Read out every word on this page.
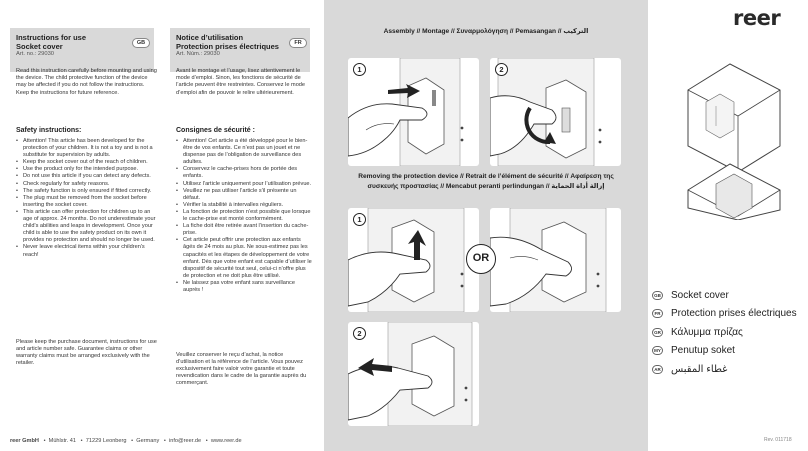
Instructions for use
Socket cover
Art. no.: 29030
GB
Read this instruction carefully before mounting and using the device. The child protective function of the device may be affected if you do not follow the instructions. Keep the instructions for future reference.
Safety instructions:
• Attention! This article has been developed for the protection of your children. It is not a toy and is not a substitute for supervision by adults.
• Keep the socket cover out of the reach of children.
• Use the product only for the intended purpose.
• Do not use this article if you can detect any defects.
• Check regularly for safety reasons.
• The safety function is only ensured if fitted correctly.
• The plug must be removed from the socket before inserting the socket cover.
• This article can offer protection for children up to an age of approx. 24 months. Do not underestimate your child's abilities and leaps in development. Once your child is able to use the safety product on its own it provides no protection and should no longer be used.
• Never leave electrical items within your children's reach!
Please keep the purchase document, instructions for use and article number safe. Guarantee claims or other warranty claims must be arranged exclusively with the retailer.
Notice d’utilisation
Protection prises électriques
Art. Núm.: 29030
FR
Avant le montage et l’usage, lisez attentivement le mode d’emploi. Sinon, les fonctions de sécurité de l’article peuvent être restreintes. Conservez le mode d’emploi afin de pouvoir le relire ultérieurement.
Consignes de sécurité :
• Attention! Cet article a été développé pour le bien-être de vos enfants. Ce n’est pas un jouet et ne dispense pas de l’obligation de surveillance des adultes.
• Conservez le cache-prises hors de portée des enfants.
• Utilisez l’article uniquement pour l’utilisation prévue.
• Veuillez ne pas utiliser l’article s’il présente un défaut.
• Vérifier la stabilité à intervalles réguliers.
• La fonction de protection n’est possible que lorsque le cache-prise est monté conformément.
• La fiche doit être retirée avant l’insertion du cache-prise.
• Cet article peut offrir une protection aux enfants âgés de 24 mois au plus. Ne sous-estimez pas les capacités et les étapes de développement de votre enfant. Dès que votre enfant est capable d’utiliser le dispositif de sécurité tout seul, celui-ci n’offre plus de protection et ne doit plus être utilisé.
• Ne laissez pas votre enfant sans surveillance auprès !
Veuillez conserver le reçu d’achat, la notice d’utilisation et la référence de l’article. Vous pouvez exclusivement faire valoir votre garantie et toute revendication dans le cadre de la garantie auprès du commerçant.
reer GmbH   •  Mühlstr. 41   •  71229 Leonberg   •  Germany   •  info@reer.de   •  www.reer.de	Rev. 011718
Assembly // Montage // Συναρμολόγηση // Pemasangan // التركيب
1	2
Removing the protection device // Retrait de l’élément de sécurité // Αφαίρεση της
συσκευής προστασίας // Mencabut peranti perlindungan // إزالة أداة الحماية
1
OR
2
reer
GB Socket cover
FR Protection prises électriques
GR Κάλυμμα πρίζας
MY Penutup soket
AR غطاء المقبس
